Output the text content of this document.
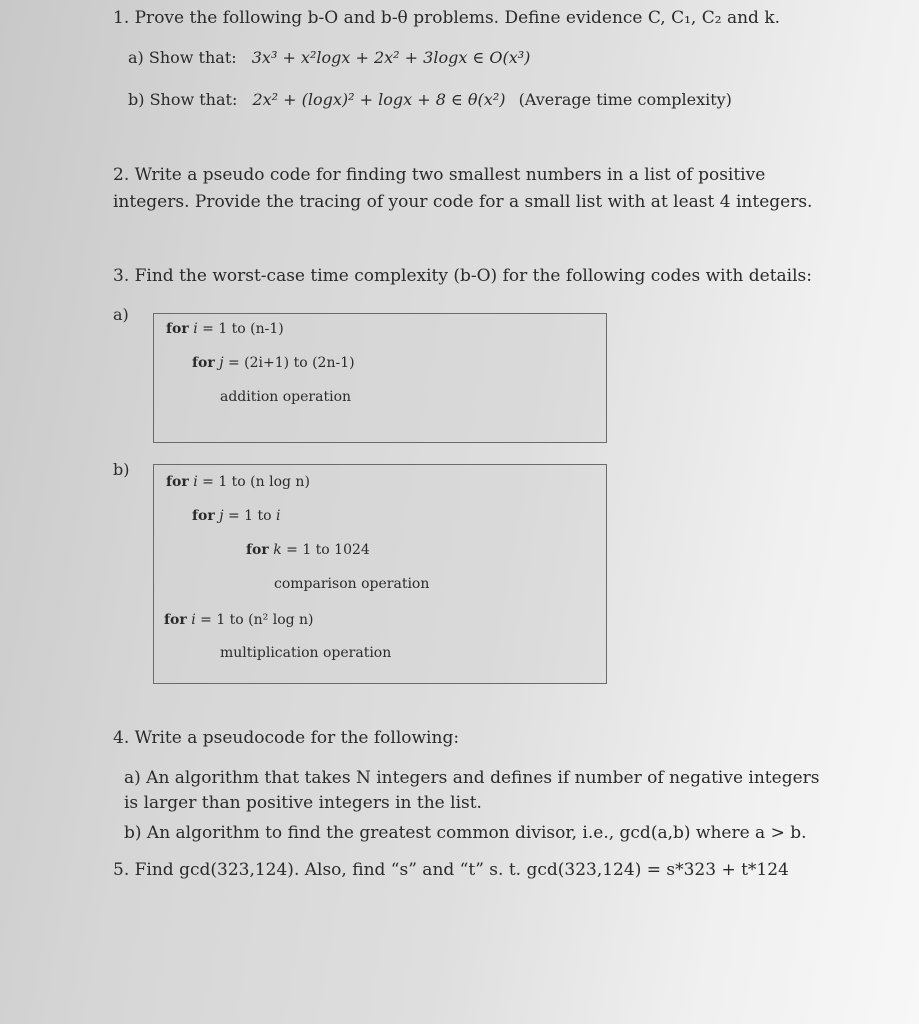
1. Prove the following b-O and b-θ problems. Define evidence C, C₁, C₂ and k.
a) Show that: 3x³ + x²logx + 2x² + 3logx ∈ O(x³)
b) Show that: 2x² + (logx)² + logx + 8 ∈ θ(x²) (Average time complexity)
2. Write a pseudo code for finding two smallest numbers in a list of positive
integers. Provide the tracing of your code for a small list with at least 4 integers.
3. Find the worst-case time complexity (b-O) for the following codes with details:
a)
for i = 1 to (n-1)
for j = (2i+1) to (2n-1)
addition operation
b)
for i = 1 to (n log n)
for j = 1 to i
for k = 1 to 1024
comparison operation
for i = 1 to (n² log n)
multiplication operation
4. Write a pseudocode for the following:
a) An algorithm that takes N integers and defines if number of negative integers
is larger than positive integers in the list.
b) An algorithm to find the greatest common divisor, i.e., gcd(a,b) where a > b.
5. Find gcd(323,124). Also, find “s” and “t” s. t. gcd(323,124) = s*323 + t*124
